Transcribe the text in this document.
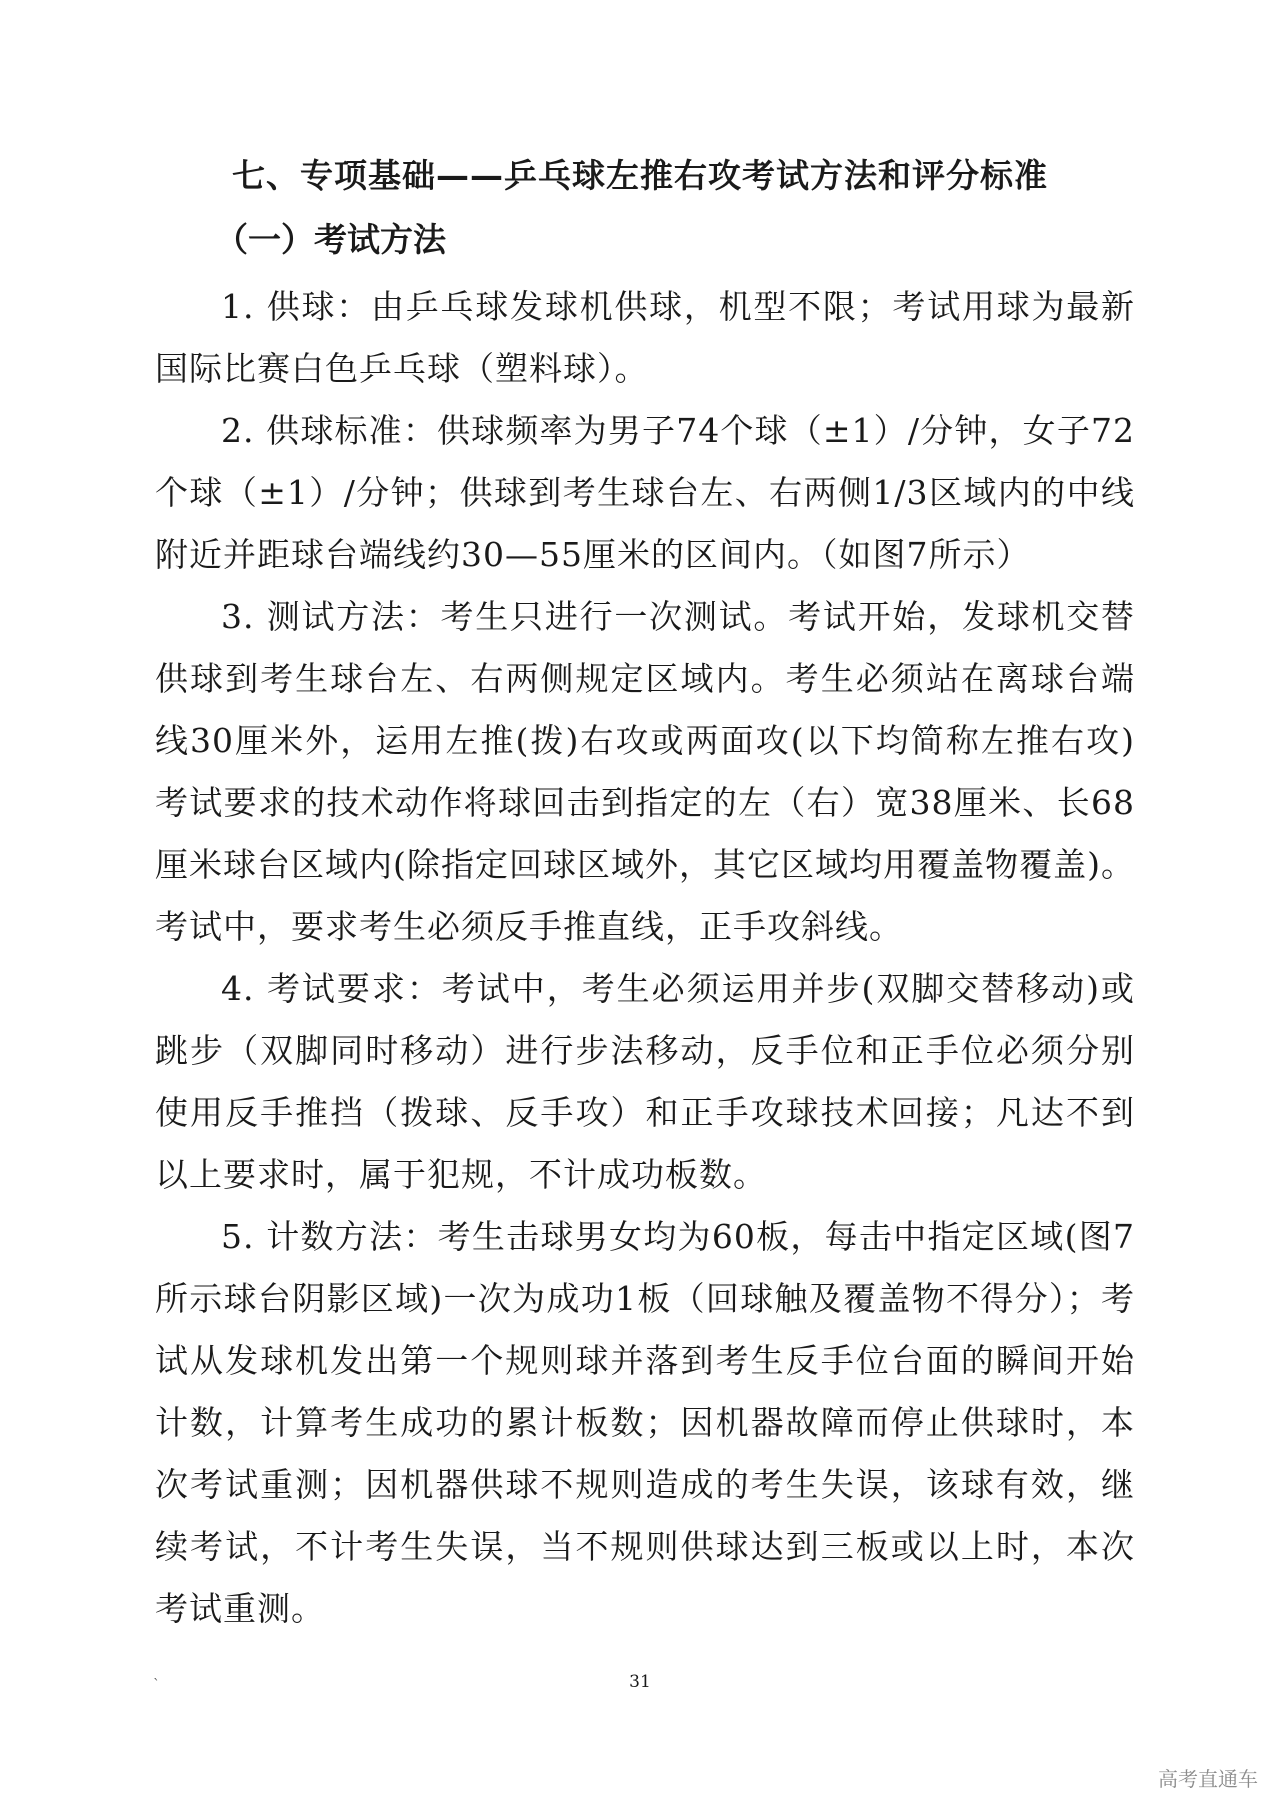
七、专项基础——乒乓球左推右攻考试方法和评分标准
（一）考试方法

1. 供球：由乒乓球发球机供球，机型不限；考试用球为最新国际比赛白色乒乓球（塑料球）。

2. 供球标准：供球频率为男子74个球（±1）/分钟，女子72个球（±1）/分钟；供球到考生球台左、右两侧1/3区域内的中线附近并距球台端线约30—55厘米的区间内。（如图7所示）

3. 测试方法：考生只进行一次测试。考试开始，发球机交替供球到考生球台左、右两侧规定区域内。考生必须站在离球台端线30厘米外，运用左推(拨)右攻或两面攻(以下均简称左推右攻)考试要求的技术动作将球回击到指定的左（右）宽38厘米、长68厘米球台区域内(除指定回球区域外，其它区域均用覆盖物覆盖)。考试中，要求考生必须反手推直线，正手攻斜线。

4. 考试要求：考试中，考生必须运用并步(双脚交替移动)或跳步（双脚同时移动）进行步法移动，反手位和正手位必须分别使用反手推挡（拨球、反手攻）和正手攻球技术回接；凡达不到以上要求时，属于犯规，不计成功板数。

5. 计数方法：考生击球男女均为60板，每击中指定区域(图7所示球台阴影区域)一次为成功1板（回球触及覆盖物不得分）；考试从发球机发出第一个规则球并落到考生反手位台面的瞬间开始计数，计算考生成功的累计板数；因机器故障而停止供球时，本次考试重测；因机器供球不规则造成的考生失误，该球有效，继续考试，不计考生失误，当不规则供球达到三板或以上时，本次考试重测。

`	31

高考直通车
